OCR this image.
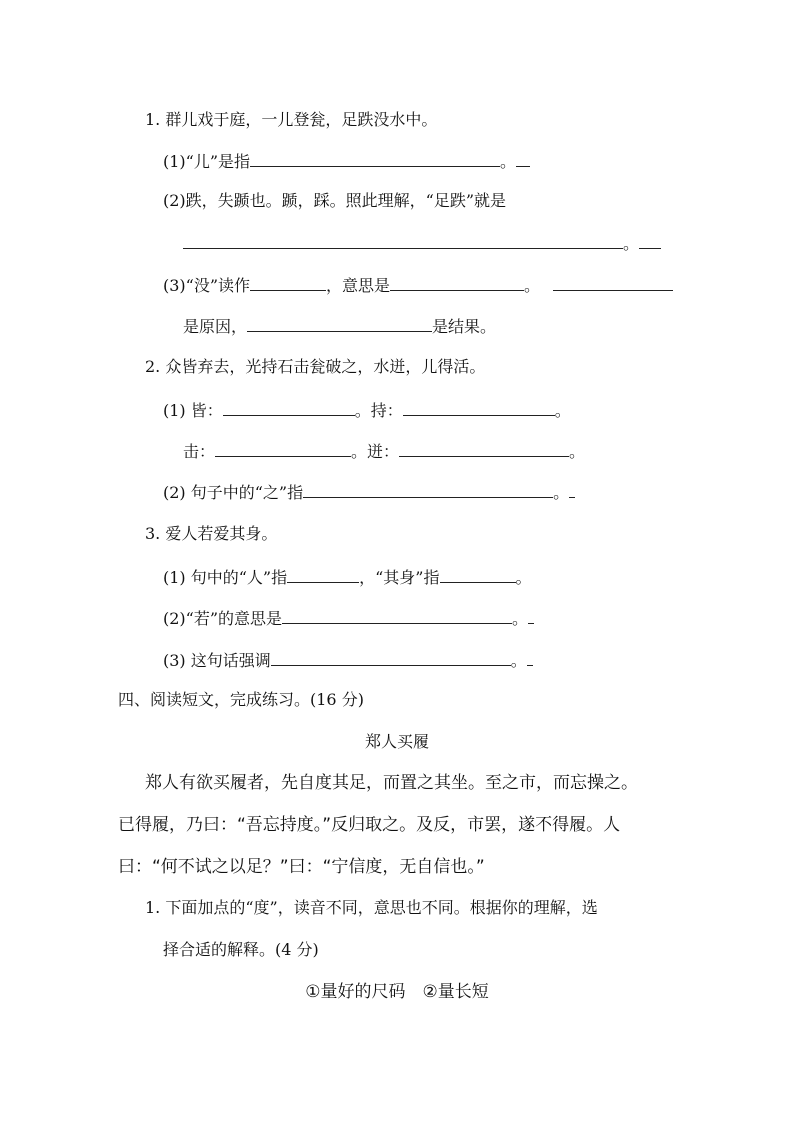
1. 群儿戏于庭，一儿登瓮，足跌没水中。
(1)“儿”是指	。
(2)跌，失踬也。踬，踩。照此理解，“足跌”就是
。
(3)“没”读作	，意思是	。
是原因，	是结果。
2. 众皆弃去，光持石击瓮破之，水迸，儿得活。
(1) 皆：	。持：	。
击：	。迸：	。
(2) 句子中的“之”指	。
3. 爱人若爱其身。
(1) 句中的“人”指	，“其身”指	。
(2)“若”的意思是	。
(3) 这句话强调	。
四、阅读短文，完成练习。(16 分)
郑人买履
郑人有欲买履者，先自度其足，而置之其坐。至之市，而忘操之。
已得履，乃曰：“吾忘持度。”反归取之。及反，市罢，遂不得履。人
曰：“何不试之以足？”曰：“宁信度，无自信也。”
1. 下面加点的“度”，读音不同，意思也不同。根据你的理解，选
择合适的解释。(4 分)
①量好的尺码　②量长短
